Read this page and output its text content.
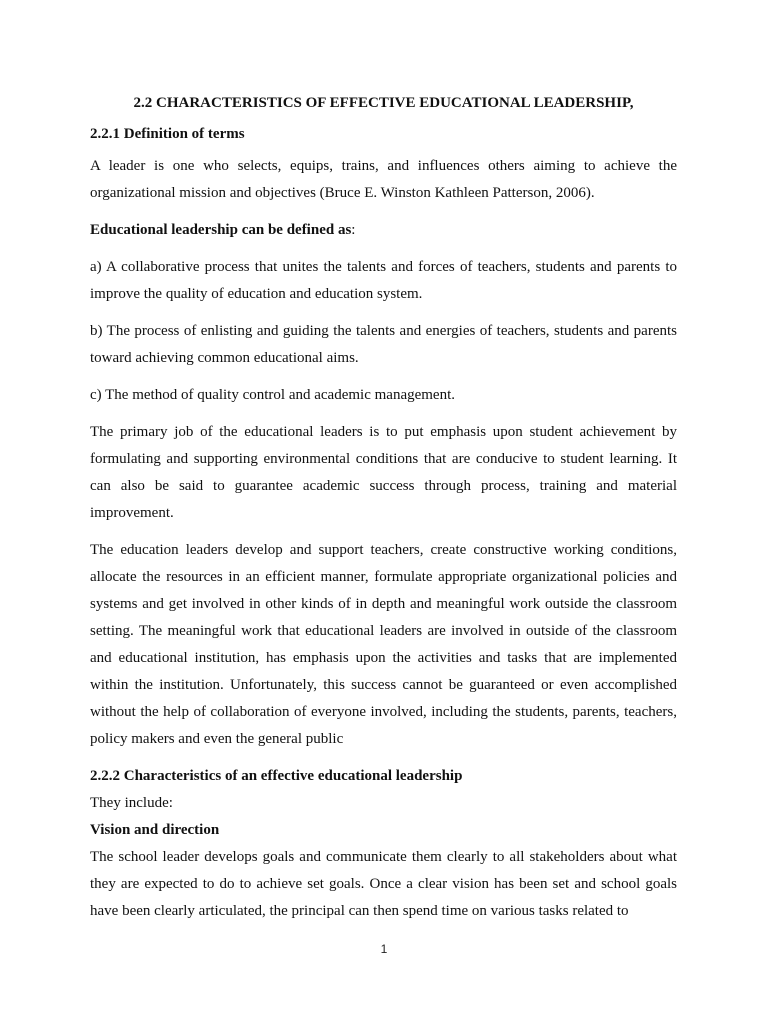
2.2 CHARACTERISTICS OF EFFECTIVE EDUCATIONAL LEADERSHIP,

2.2.1 Definition of terms

A leader is one who selects, equips, trains, and influences others aiming to achieve the organizational mission and objectives (Bruce E. Winston Kathleen Patterson, 2006).

Educational leadership can be defined as:

a) A collaborative process that unites the talents and forces of teachers, students and parents to improve the quality of education and education system.

b) The process of enlisting and guiding the talents and energies of teachers, students and parents toward achieving common educational aims.

c) The method of quality control and academic management.

The primary job of the educational leaders is to put emphasis upon student achievement by formulating and supporting environmental conditions that are conducive to student learning. It can also be said to guarantee academic success through process, training and material improvement.

The education leaders develop and support teachers, create constructive working conditions, allocate the resources in an efficient manner, formulate appropriate organizational policies and systems and get involved in other kinds of in depth and meaningful work outside the classroom setting. The meaningful work that educational leaders are involved in outside of the classroom and educational institution, has emphasis upon the activities and tasks that are implemented within the institution. Unfortunately, this success cannot be guaranteed or even accomplished without the help of collaboration of everyone involved, including the students, parents, teachers, policy makers and even the general public

2.2.2 Characteristics of an effective educational leadership

They include:

Vision and direction

The school leader develops goals and communicate them clearly to all stakeholders about what they are expected to do to achieve set goals. Once a clear vision has been set and school goals have been clearly articulated, the principal can then spend time on various tasks related to

1
